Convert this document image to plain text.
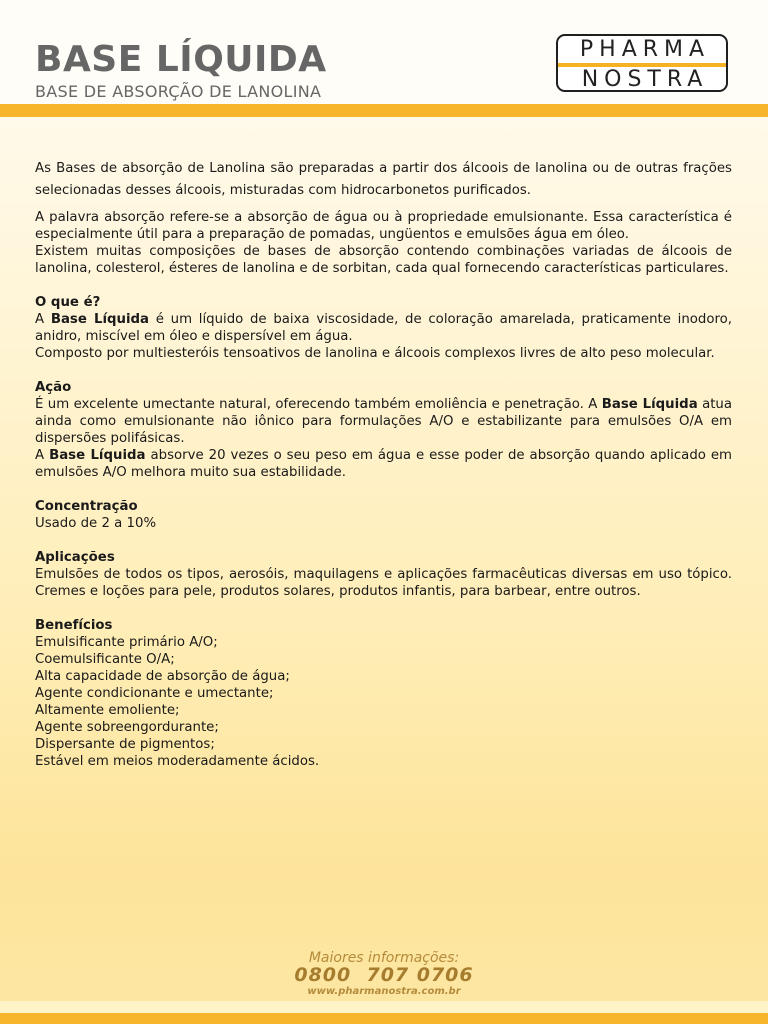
BASE LÍQUIDA
BASE DE ABSORÇÃO DE LANOLINA
PHARMA
NOSTRA

As Bases de absorção de Lanolina são preparadas a partir dos álcoois de lanolina ou de outras frações selecionadas desses álcoois, misturadas com hidrocarbonetos purificados.

A palavra absorção refere-se a absorção de água ou à propriedade emulsionante. Essa característica é especialmente útil para a preparação de pomadas, ungüentos e emulsões água em óleo.

Existem muitas composições de bases de absorção contendo combinações variadas de álcoois de lanolina, colesterol, ésteres de lanolina e de sorbitan, cada qual fornecendo características particulares.

O que é?
A Base Líquida é um líquido de baixa viscosidade, de coloração amarelada, praticamente inodoro, anidro, miscível em óleo e dispersível em água.

Composto por multiesteróis tensoativos de lanolina e álcoois complexos livres de alto peso molecular.

Ação
É um excelente umectante natural, oferecendo também emoliência e penetração. A Base Líquida atua ainda como emulsionante não iônico para formulações A/O e estabilizante para emulsões O/A em dispersões polifásicas.

A Base Líquida absorve 20 vezes o seu peso em água e esse poder de absorção quando aplicado em emulsões A/O melhora muito sua estabilidade.

Concentração
Usado de 2 a 10%

Aplicações
Emulsões de todos os tipos, aerosóis, maquilagens e aplicações farmacêuticas diversas em uso tópico. Cremes e loções para pele, produtos solares, produtos infantis, para barbear, entre outros.

Benefícios
Emulsificante primário A/O;
Coemulsificante O/A;
Alta capacidade de absorção de água;
Agente condicionante e umectante;
Altamente emoliente;
Agente sobreengordurante;
Dispersante de pigmentos;
Estável em meios moderadamente ácidos.
Maiores informações:
0800  707 0706
www.pharmanostra.com.br
